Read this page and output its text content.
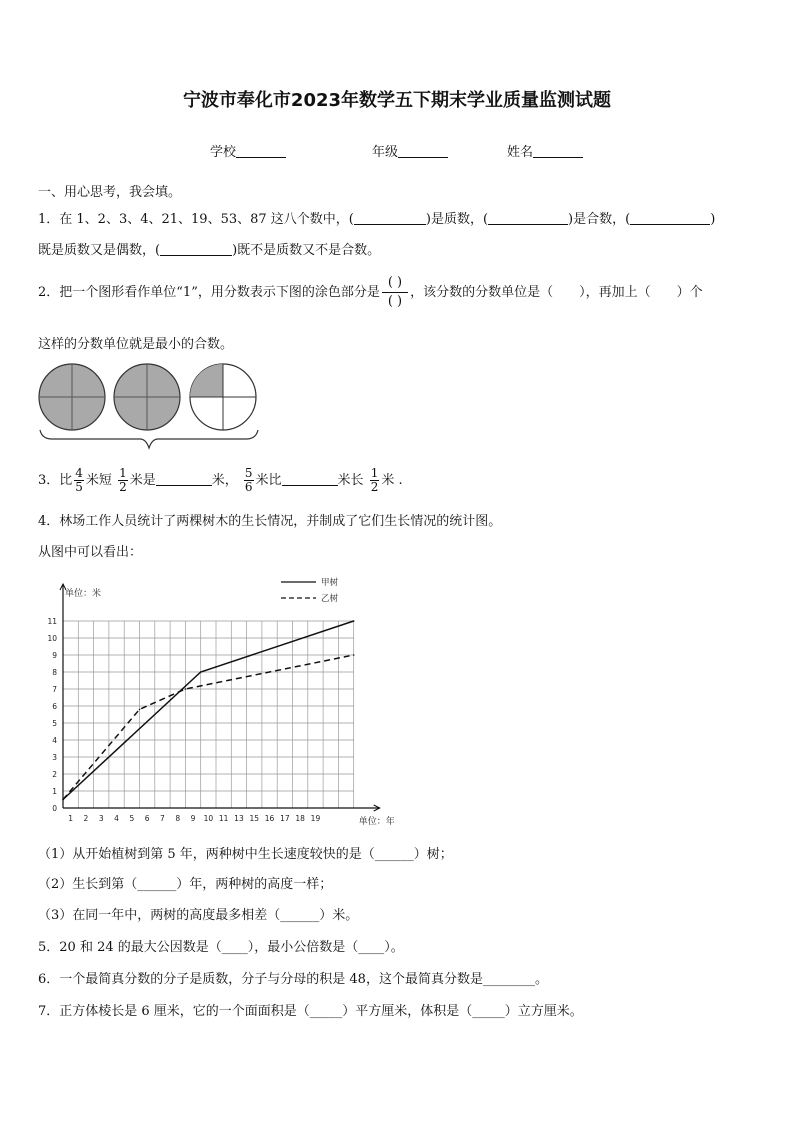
宁波市奉化市2023年数学五下期末学业质量监测试题
学校	年级	姓名
一、用心思考，我会填。
1．在 1、2、3、4、21、19、53、87 这八个数中，(	)是质数，(	)是合数，(	)
既是质数又是偶数，(	)既不是质数又不是合数。
2．把一个图形看作单位“1”，用分数表示下图的涂色部分是
( )
( )
，该分数的分数单位是（　　），再加上（　　）个
这样的分数单位就是最小的合数。
3．比 $\frac{4}{5}$ 米短 $\frac{1}{2}$ 米是	米， $\frac{5}{6}$ 米比	米长 $\frac{1}{2}$ 米 .
4．林场工作人员统计了两棵树木的生长情况，并制成了它们生长情况的统计图。
从图中可以看出：
0
1
2
3
4
5
6
7
8
9
10
11
1 2 3 4 5 6 7 8 9 10 11 13 15 16 17 18 19
甲树
乙树
单位：米
单位：年
（1）从开始植树到第 5 年，两种树中生长速度较快的是（______）树；
（2）生长到第（______）年，两种树的高度一样；
（3）在同一年中，两树的高度最多相差（______）米。
5．20 和 24 的最大公因数是（____），最小公倍数是（____）。
6．一个最简真分数的分子是质数，分子与分母的积是 48，这个最简真分数是________。
7．正方体棱长是 6 厘米，它的一个面面积是（_____）平方厘米，体积是（_____）立方厘米。
